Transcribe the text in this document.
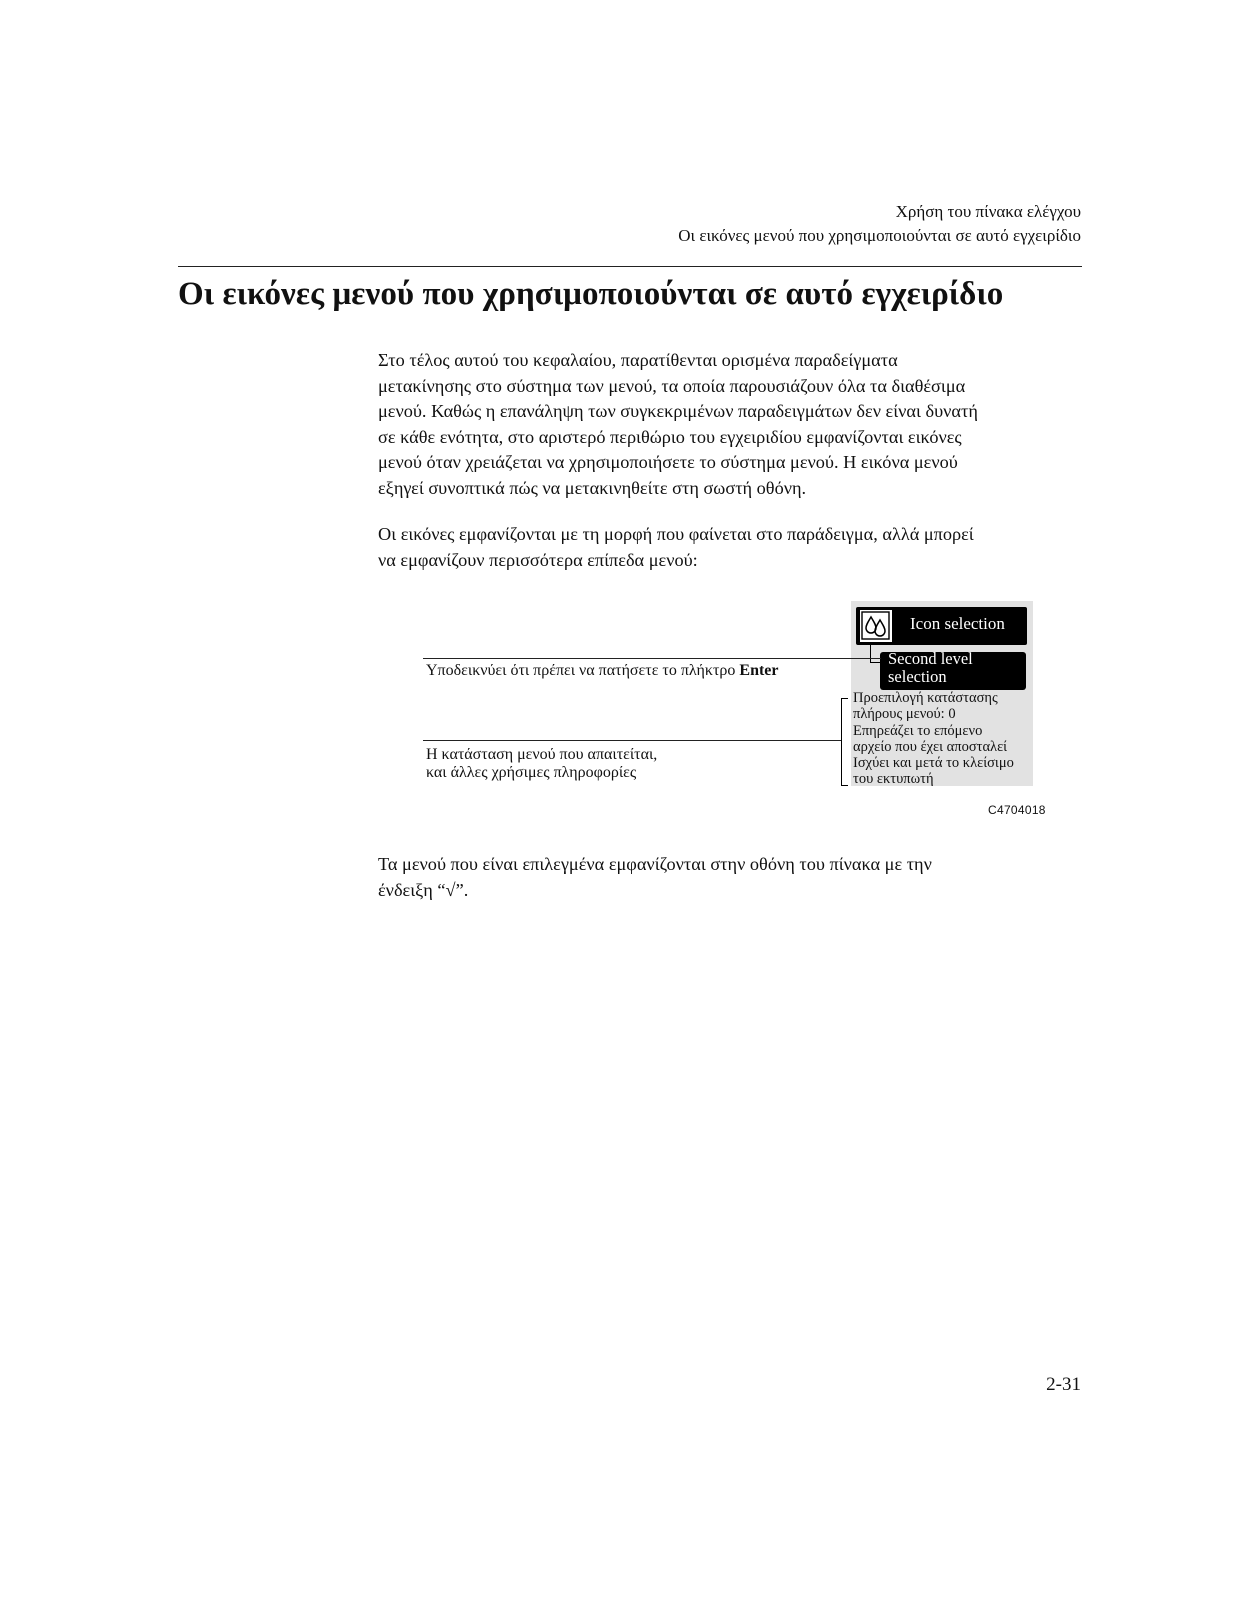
Χρήση του πίνακα ελέγχου
Οι εικόνες μενού που χρησιμοποιούνται σε αυτό εγχειρίδιο
Οι εικόνες μενού που χρησιμοποιούνται σε αυτό εγχειρίδιο

Στο τέλος αυτού του κεφαλαίου, παρατίθενται ορισμένα παραδείγματα
μετακίνησης στο σύστημα των μενού, τα οποία παρουσιάζουν όλα τα διαθέσιμα
μενού. Καθώς η επανάληψη των συγκεκριμένων παραδειγμάτων δεν είναι δυνατή
σε κάθε ενότητα, στο αριστερό περιθώριο του εγχειριδίου εμφανίζονται εικόνες
μενού όταν χρειάζεται να χρησιμοποιήσετε το σύστημα μενού. Η εικόνα μενού
εξηγεί συνοπτικά πώς να μετακινηθείτε στη σωστή οθόνη.

Οι εικόνες εμφανίζονται με τη μορφή που φαίνεται στο παράδειγμα, αλλά μπορεί
να εμφανίζουν περισσότερα επίπεδα μενού:

Icon selection
Second level
selection
Προεπιλογή κατάστασης
πλήρους μενού: 0
Επηρεάζει το επόμενο
αρχείο που έχει αποσταλεί
Ισχύει και μετά το κλείσιμο
του εκτυπωτή
Υποδεικνύει ότι πρέπει να πατήσετε το πλήκτρο Enter
Η κατάσταση μενού που απαιτείται,
και άλλες χρήσιμες πληροφορίες
C4704018

Τα μενού που είναι επιλεγμένα εμφανίζονται στην οθόνη του πίνακα με την
ένδειξη “√”.

2-31
